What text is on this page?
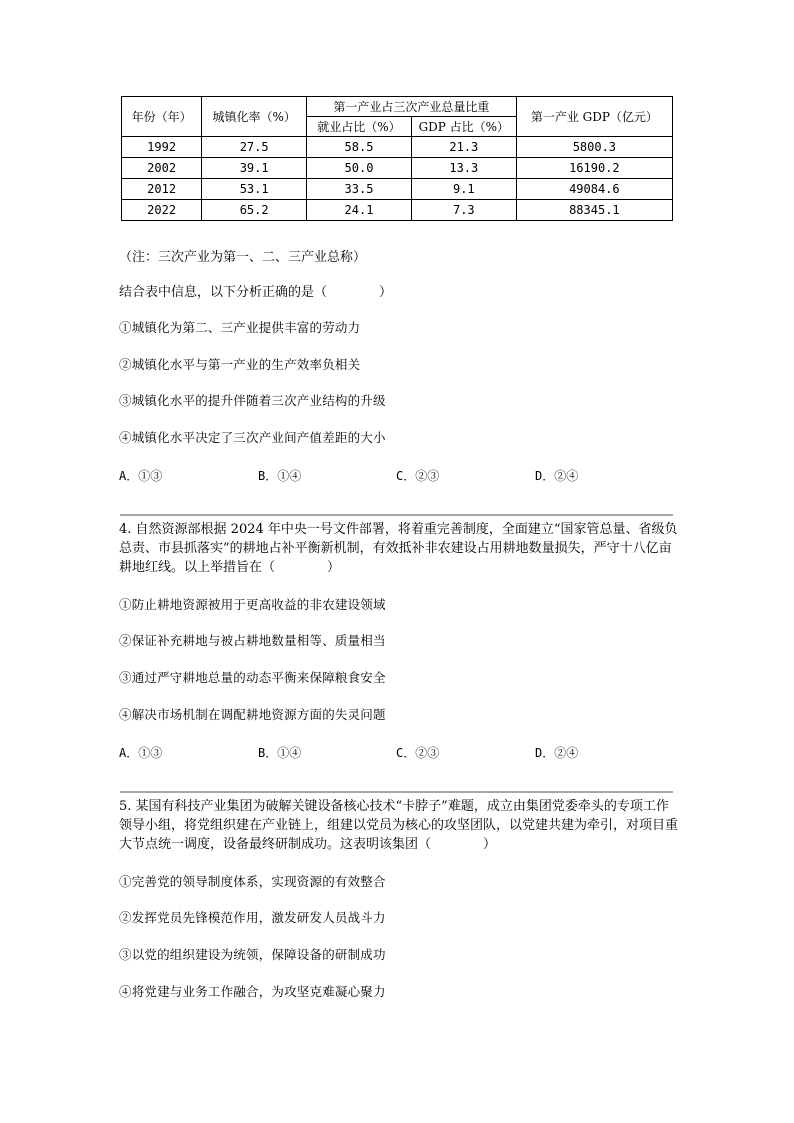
年份（年）	城镇化率（%）	第一产业占三次产业总量比重		第一产业 GDP（亿元）
		就业占比（%）	GDP 占比（%）	
1992	27.5	58.5	21.3	5800.3
2002	39.1	50.0	13.3	16190.2
2012	53.1	33.5	9.1	49084.6
2022	65.2	24.1	7.3	88345.1
（注：三次产业为第一、二、三产业总称）
结合表中信息，以下分析正确的是（　　　　）
①城镇化为第二、三产业提供丰富的劳动力
②城镇化水平与第一产业的生产效率负相关
③城镇化水平的提升伴随着三次产业结构的升级
④城镇化水平决定了三次产业间产值差距的大小
A．①③	B．①④	C．②③	D．②④
4. 自然资源部根据 2024 年中央一号文件部署，将着重完善制度，全面建立“国家管总量、省级负总责、市县抓落实”的耕地占补平衡新机制，有效抵补非农建设占用耕地数量损失，严守十八亿亩耕地红线。以上举措旨在（　　　　）
①防止耕地资源被用于更高收益的非农建设领域
②保证补充耕地与被占耕地数量相等、质量相当
③通过严守耕地总量的动态平衡来保障粮食安全
④解决市场机制在调配耕地资源方面的失灵问题
A．①③	B．①④	C．②③	D．②④
5. 某国有科技产业集团为破解关键设备核心技术“卡脖子”难题，成立由集团党委牵头的专项工作领导小组，将党组织建在产业链上，组建以党员为核心的攻坚团队，以党建共建为牵引，对项目重大节点统一调度，设备最终研制成功。这表明该集团（　　　　）
①完善党的领导制度体系，实现资源的有效整合
②发挥党员先锋模范作用，激发研发人员战斗力
③以党的组织建设为统领，保障设备的研制成功
④将党建与业务工作融合，为攻坚克难凝心聚力
